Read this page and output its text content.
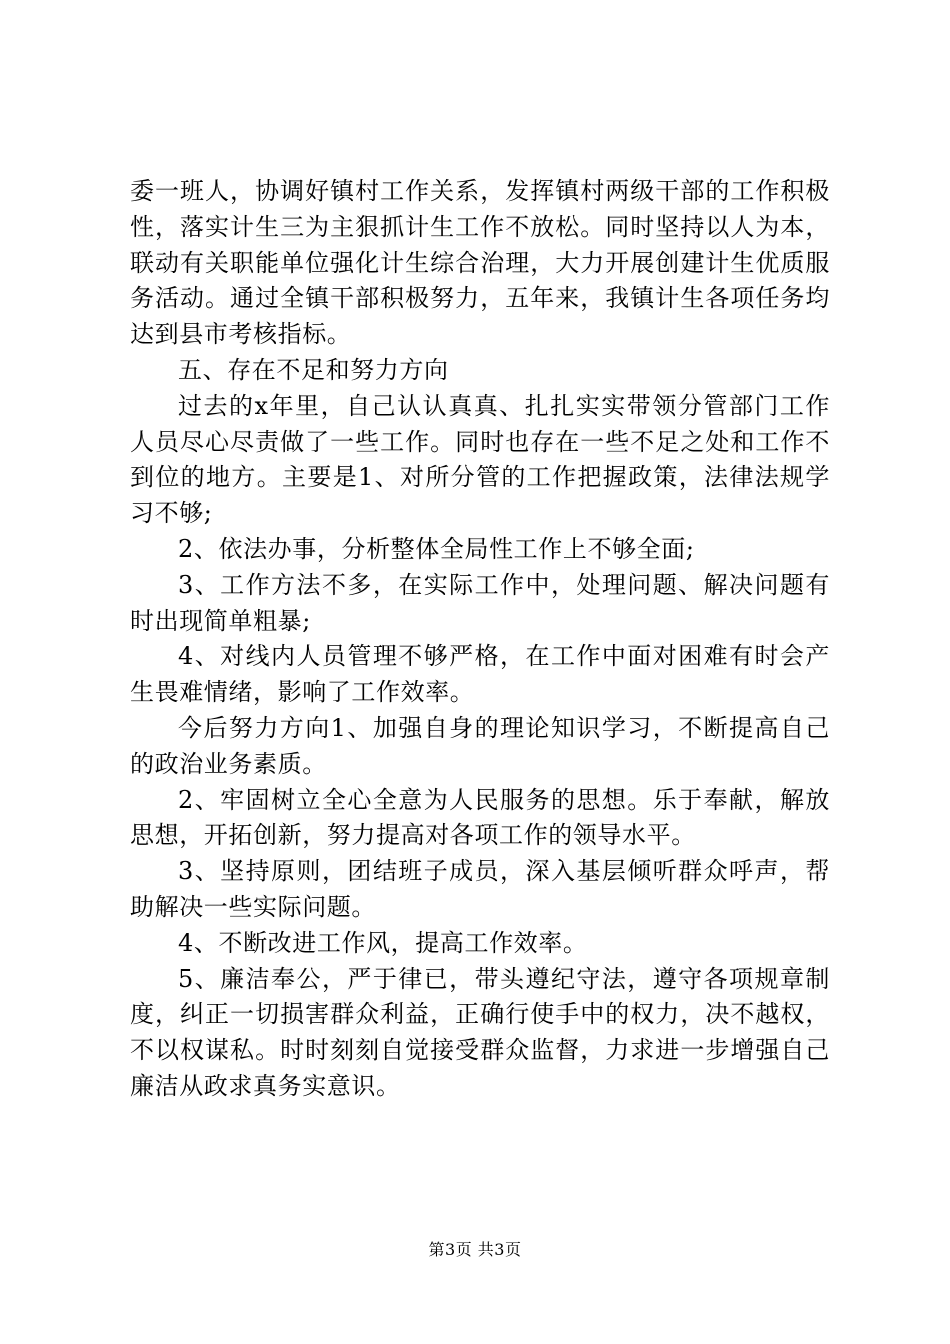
委一班人，协调好镇村工作关系，发挥镇村两级干部的工作积极性，落实计生三为主狠抓计生工作不放松。同时坚持以人为本，联动有关职能单位强化计生综合治理，大力开展创建计生优质服务活动。通过全镇干部积极努力，五年来，我镇计生各项任务均达到县市考核指标。

五、存在不足和努力方向

过去的x年里，自己认认真真、扎扎实实带领分管部门工作人员尽心尽责做了一些工作。同时也存在一些不足之处和工作不到位的地方。主要是1、对所分管的工作把握政策，法律法规学习不够;

2、依法办事，分析整体全局性工作上不够全面;

3、工作方法不多，在实际工作中，处理问题、解决问题有时出现简单粗暴;

4、对线内人员管理不够严格，在工作中面对困难有时会产生畏难情绪，影响了工作效率。

今后努力方向1、加强自身的理论知识学习，不断提高自己的政治业务素质。

2、牢固树立全心全意为人民服务的思想。乐于奉献，解放思想，开拓创新，努力提高对各项工作的领导水平。

3、坚持原则，团结班子成员，深入基层倾听群众呼声，帮助解决一些实际问题。

4、不断改进工作风，提高工作效率。

5、廉洁奉公，严于律已，带头遵纪守法，遵守各项规章制度，纠正一切损害群众利益，正确行使手中的权力，决不越权，不以权谋私。时时刻刻自觉接受群众监督，力求进一步增强自己廉洁从政求真务实意识。

第3页 共3页
